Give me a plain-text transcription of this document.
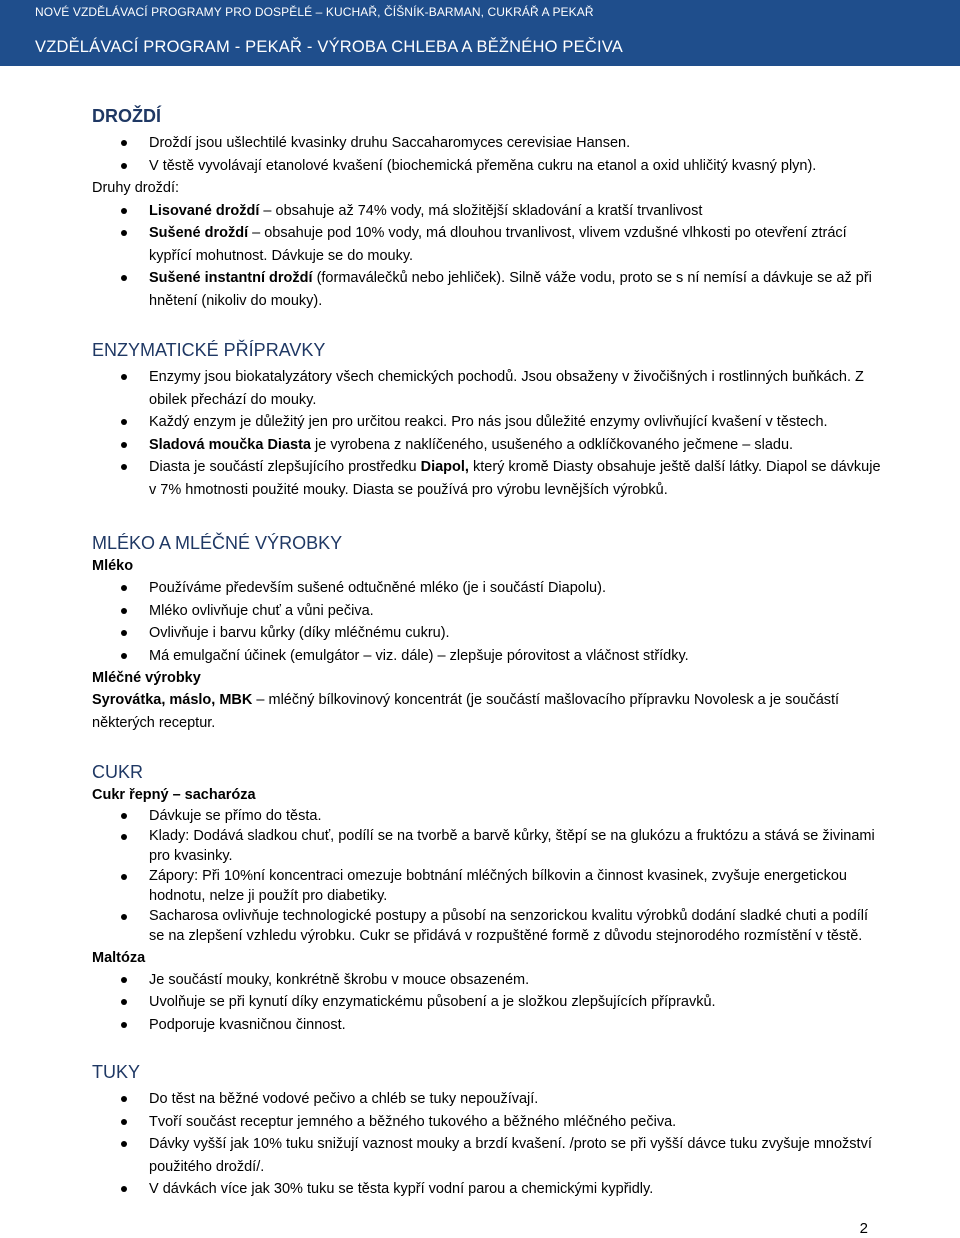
NOVÉ VZDĚLÁVACÍ PROGRAMY PRO DOSPĚLÉ – KUCHAŘ, ČÍŠNÍK-BARMAN, CUKRÁŘ A PEKAŘ
VZDĚLÁVACÍ PROGRAM - PEKAŘ - VÝROBA CHLEBA A BĚŽNÉHO PEČIVA
DROŽDÍ
Droždí jsou ušlechtilé kvasinky druhu Saccaharomyces cerevisiae Hansen.
V těstě vyvolávají etanolové kvašení (biochemická přeměna cukru na etanol a oxid uhličitý kvasný plyn).

Druhy droždí:

Lisované droždí – obsahuje až 74% vody, má složitější skladování a kratší trvanlivost
Sušené droždí – obsahuje pod 10% vody, má dlouhou trvanlivost, vlivem vzdušné vlhkosti po otevření ztrácí kypřící mohutnost. Dávkuje se do mouky.
Sušené instantní droždí (formaválečků nebo jehliček). Silně váže vodu, proto se s ní nemísí a dávkuje se až při hnětení (nikoliv do mouky).
ENZYMATICKÉ PŘÍPRAVKY
Enzymy jsou biokatalyzátory všech chemických pochodů. Jsou obsaženy v živočišných i rostlinných buňkách. Z obilek přechází do mouky.
Každý enzym je důležitý jen pro určitou reakci. Pro nás jsou důležité enzymy ovlivňující kvašení v těstech.
Sladová moučka Diasta je vyrobena z naklíčeného, usušeného a odklíčkovaného ječmene – sladu.
Diasta je součástí zlepšujícího prostředku Diapol, který kromě Diasty obsahuje ještě další látky. Diapol se dávkuje v 7% hmotnosti použité mouky. Diasta se používá pro výrobu levnějších výrobků.
MLÉKO A MLÉČNÉ VÝROBKY
Mléko
Používáme především sušené odtučněné mléko (je i součástí Diapolu).
Mléko ovlivňuje chuť a vůni pečiva.
Ovlivňuje i barvu kůrky (díky mléčnému cukru).
Má emulgační účinek (emulgátor – viz. dále) – zlepšuje pórovitost a vláčnost střídky.
Mléčné výrobky

Syrovátka, máslo, MBK – mléčný bílkovinový koncentrát (je součástí mašlovacího přípravku Novolesk a je součástí některých receptur.

CUKR
Cukr řepný – sacharóza
Dávkuje se přímo do těsta.
Klady: Dodává sladkou chuť, podílí se na tvorbě a barvě kůrky, štěpí se na glukózu a fruktózu a stává se živinami pro kvasinky.
Zápory: Při 10%ní koncentraci omezuje bobtnání mléčných bílkovin a činnost kvasinek, zvyšuje energetickou hodnotu, nelze ji použít pro diabetiky.
Sacharosa ovlivňuje technologické postupy a působí na senzorickou kvalitu výrobků dodání sladké chuti a podílí se na zlepšení vzhledu výrobku. Cukr se přidává v rozpuštěné formě z důvodu stejnorodého rozmístění v těstě.
Maltóza
Je součástí mouky, konkrétně škrobu v mouce obsazeném.
Uvolňuje se při kynutí díky enzymatickému působení a je složkou zlepšujících přípravků.
Podporuje kvasničnou činnost.
TUKY
Do těst na běžné vodové pečivo a chléb se tuky nepoužívají.
Tvoří součást receptur jemného a běžného tukového a běžného mléčného pečiva.
Dávky vyšší jak 10% tuku snižují vaznost mouky a brzdí kvašení. /proto se při vyšší dávce tuku zvyšuje množství použitého droždí/.
V dávkách více jak 30% tuku se těsta kypří vodní parou a chemickými kypřidly.
2
